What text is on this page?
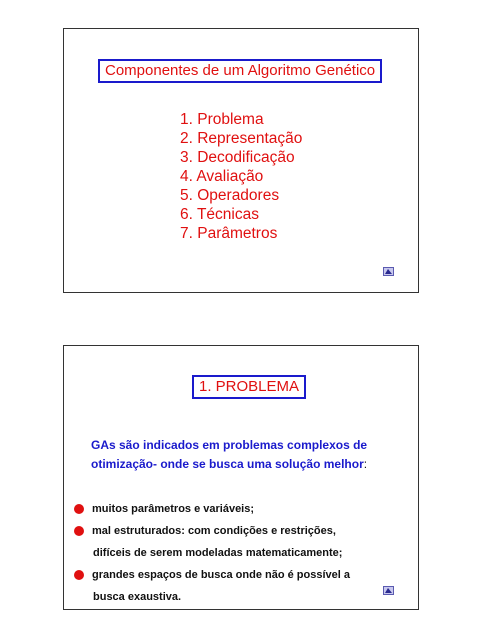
Componentes de um Algoritmo Genético
1. Problema
2. Representação
3. Decodificação
4. Avaliação
5. Operadores
6. Técnicas
7. Parâmetros
1. PROBLEMA
GAs são indicados em problemas complexos de
otimização- onde se busca uma solução melhor:
muitos parâmetros e variáveis;
mal estruturados: com condições e restrições,
difíceis de serem modeladas matematicamente;
grandes espaços de busca onde não é possível a
busca exaustiva.
